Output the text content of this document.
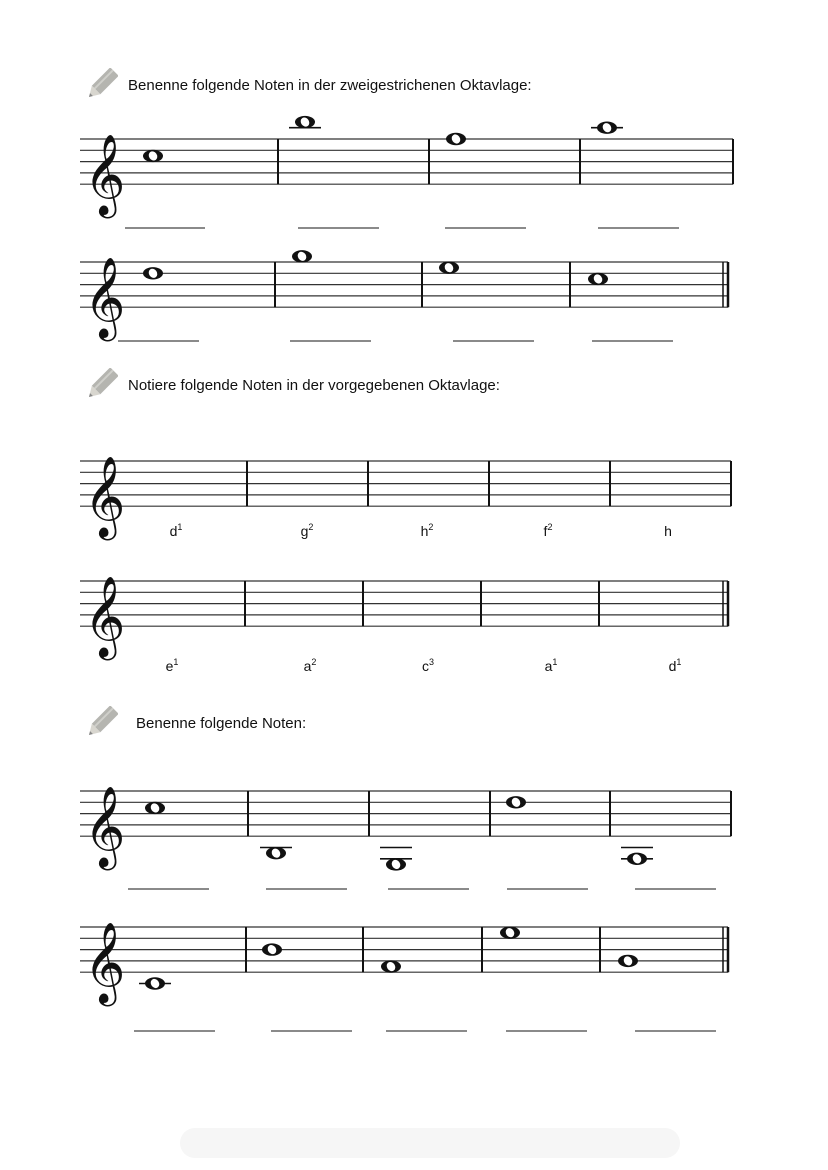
Benenne folgende Noten in der zweigestrichenen Oktavlage:
Notiere folgende Noten in der vorgegebenen Oktavlage:
Benenne folgende Noten:
𝄞
𝄞
𝄞
𝄞
𝄞
𝄞
$d^1$	$g^2$	$h^2$	$f^2$	h
$e^1$	$a^2$	$c^3$	$a^1$	$d^1$
